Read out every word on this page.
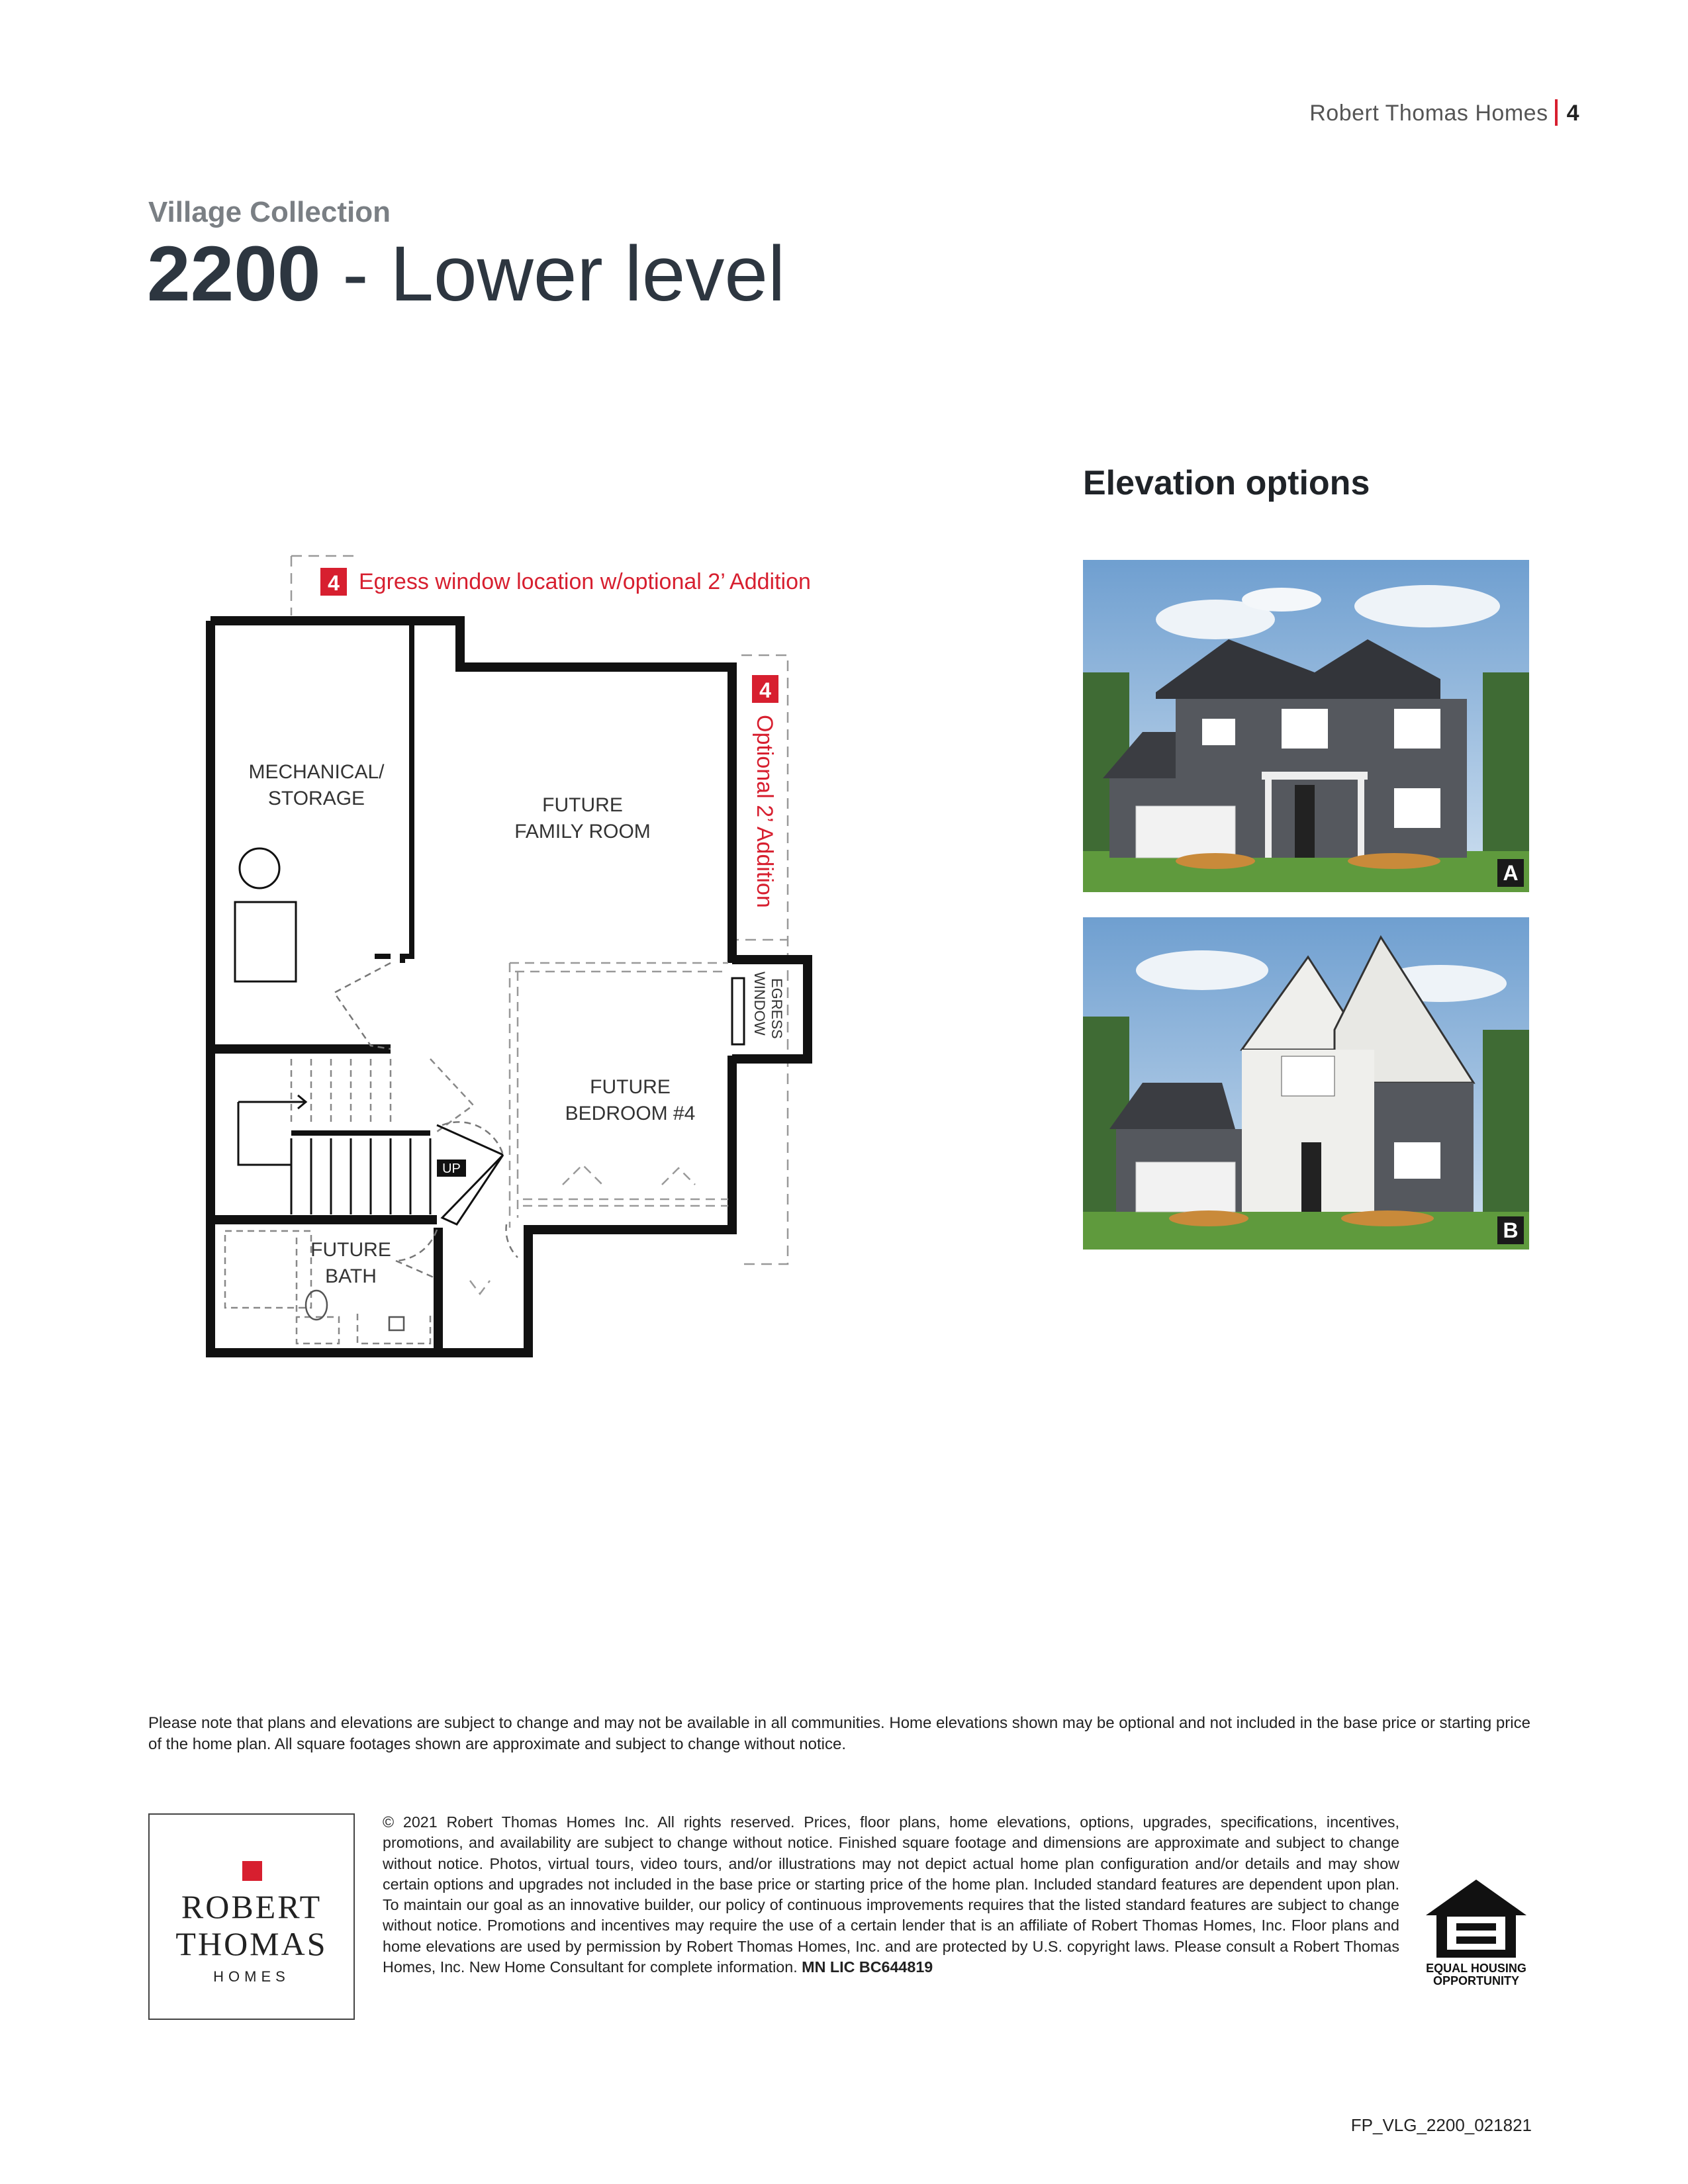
Robert Thomas Homes 4
Village Collection
2200 - Lower level
UP
4 Egress window location w/optional 2’ Addition
4
Optional 2’ Addition
MECHANICAL/
STORAGE	FUTURE
FAMILY ROOM
FUTURE
BEDROOM #4
FUTURE
BATH
EGRESS
WINDOW
Elevation options
A
B
Please note that plans and elevations are subject to change and may not be available in all communities. Home elevations shown may be optional and not included in the base price or starting price of the home plan. All square footages shown are approximate and subject to change without notice.
ROBERT
THOMAS
HOMES
© 2021 Robert Thomas Homes Inc. All rights reserved. Prices, floor plans, home elevations, options, upgrades, specifications, incentives, promotions, and availability are subject to change without notice. Finished square footage and dimensions are approximate and subject to change without notice. Photos, virtual tours, video tours, and/or illustrations may not depict actual home plan configuration and/or details and may show certain options and upgrades not included in the base price or starting price of the home plan. Included standard features are dependent upon plan. To maintain our goal as an innovative builder, our policy of continuous improvements requires that the listed standard features are subject to change without notice. Promotions and incentives may require the use of a certain lender that is an affiliate of Robert Thomas Homes, Inc. Floor plans and home elevations are used by permission by Robert Thomas Homes, Inc. and are protected by U.S. copyright laws. Please consult a Robert Thomas Homes, Inc. New Home Consultant for complete information. MN LIC BC644819	EQUAL HOUSING
OPPORTUNITY
FP_VLG_2200_021821
